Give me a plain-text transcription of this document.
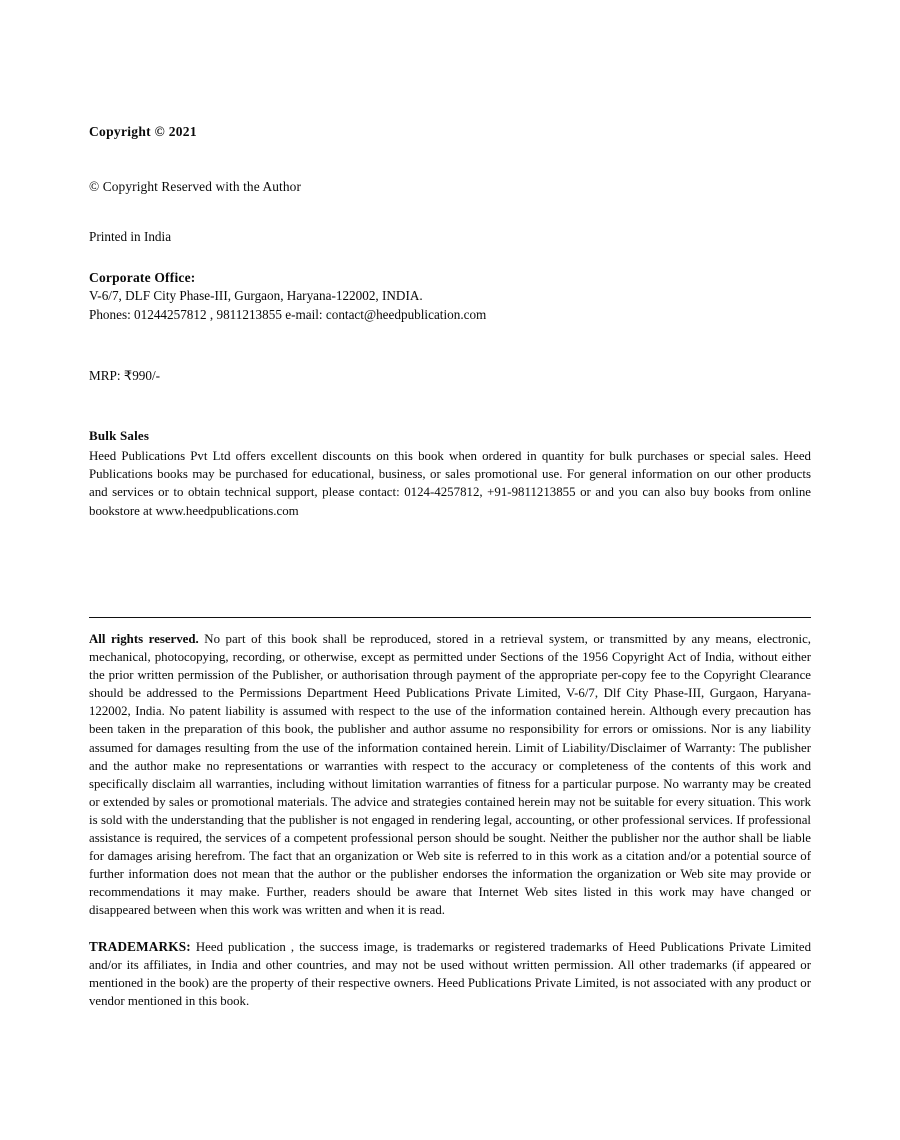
Copyright © 2021

© Copyright Reserved with the Author

Printed in India

Corporate Office:

V-6/7, DLF City Phase-III, Gurgaon, Haryana-122002, INDIA.

Phones: 01244257812 , 9811213855 e-mail: contact@heedpublication.com

MRP: ₹990/-

Bulk Sales

Heed Publications Pvt Ltd offers excellent discounts on this book when ordered in quantity for bulk purchases or special sales. Heed Publications books may be purchased for educational, business, or sales promotional use. For general information on our other products and services or to obtain technical support, please contact: 0124-4257812, +91-9811213855 or and you can also buy books from online bookstore at www.heedpublications.com

All rights reserved. No part of this book shall be reproduced, stored in a retrieval system, or transmitted by any means, electronic, mechanical, photocopying, recording, or otherwise, except as permitted under Sections of the 1956 Copyright Act of India, without either the prior written permission of the Publisher, or authorisation through payment of the appropriate per-copy fee to the Copyright Clearance should be addressed to the Permissions Department Heed Publications Private Limited, V-6/7, Dlf City Phase-III, Gurgaon, Haryana-122002, India. No patent liability is assumed with respect to the use of the information contained herein. Although every precaution has been taken in the preparation of this book, the publisher and author assume no responsibility for errors or omissions. Nor is any liability assumed for damages resulting from the use of the information contained herein. Limit of Liability/Disclaimer of Warranty: The publisher and the author make no representations or warranties with respect to the accuracy or completeness of the contents of this work and specifically disclaim all warranties, including without limitation warranties of fitness for a particular purpose. No warranty may be created or extended by sales or promotional materials. The advice and strategies contained herein may not be suitable for every situation. This work is sold with the understanding that the publisher is not engaged in rendering legal, accounting, or other professional services. If professional assistance is required, the services of a competent professional person should be sought. Neither the publisher nor the author shall be liable for damages arising herefrom. The fact that an organization or Web site is referred to in this work as a citation and/or a potential source of further information does not mean that the author or the publisher endorses the information the organization or Web site may provide or recommendations it may make. Further, readers should be aware that Internet Web sites listed in this work may have changed or disappeared between when this work was written and when it is read.

TRADEMARKS: Heed publication , the success image, is trademarks or registered trademarks of Heed Publications Private Limited and/or its affiliates, in India and other countries, and may not be used without written permission. All other trademarks (if appeared or mentioned in the book) are the property of their respective owners. Heed Publications Private Limited, is not associated with any product or vendor mentioned in this book.
